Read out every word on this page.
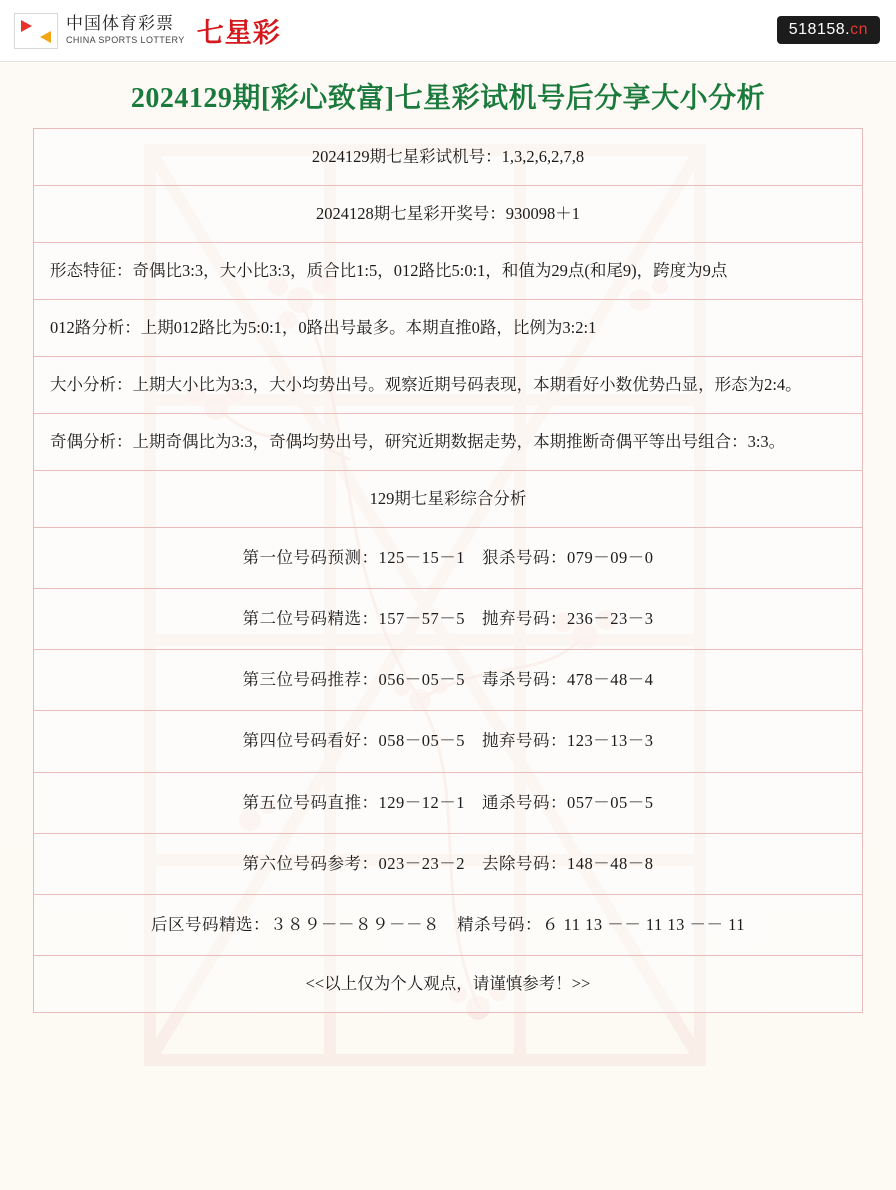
中国体育彩票
CHINA SPORTS LOTTERY 七星彩	518158.cn
2024129期[彩心致富]七星彩试机号后分享大小分析
2024129期七星彩试机号：1,3,2,6,2,7,8
2024128期七星彩开奖号：930098＋1
形态特征：奇偶比3:3，大小比3:3，质合比1:5，012路比5:0:1，和值为29点(和尾9)，跨度为9点
012路分析：上期012路比为5:0:1，0路出号最多。本期直推0路，比例为3:2:1
大小分析：上期大小比为3:3，大小均势出号。观察近期号码表现，本期看好小数优势凸显，形态为2:4。
奇偶分析：上期奇偶比为3:3，奇偶均势出号，研究近期数据走势，本期推断奇偶平等出号组合：3:3。
129期七星彩综合分析
第一位号码预测：125－15－1　狠杀号码：079－09－0
第二位号码精选：157－57－5　抛弃号码：236－23－3
第三位号码推荐：056－05－5　毒杀号码：478－48－4
第四位号码看好：058－05－5　抛弃号码：123－13－3
第五位号码直推：129－12－1　通杀号码：057－05－5
第六位号码参考：023－23－2　去除号码：148－48－8
后区号码精选：３８９－－８９－－８　精杀号码：６ 11 13 －－ 11 13 －－ 11
<<以上仅为个人观点，请谨慎参考！>>
